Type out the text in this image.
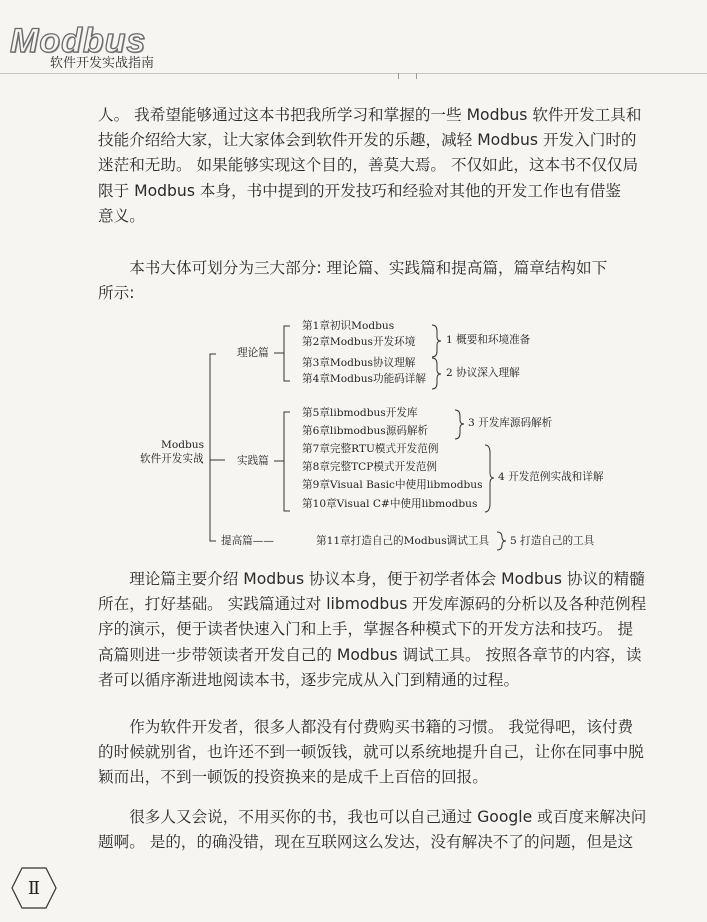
Modbus
软件开发实战指南
人。 我希望能够通过这本书把我所学习和掌握的一些 Modbus 软件开发工具和
技能介绍给大家，让大家体会到软件开发的乐趣，减轻 Modbus 开发入门时的
迷茫和无助。 如果能够实现这个目的，善莫大焉。 不仅如此，这本书不仅仅局
限于 Modbus 本身，书中提到的开发技巧和经验对其他的开发工作也有借鉴
意义。
　　本书大体可划分为三大部分: 理论篇、实践篇和提高篇，篇章结构如下
所示:
Modbus
软件开发实战
理论篇
实践篇
提高篇——
第1章初识Modbus
第2章Modbus开发环境
第3章Modbus协议理解
第4章Modbus功能码详解
第5章libmodbus开发库
第6章libmodbus源码解析
第7章完整RTU模式开发范例
第8章完整TCP模式开发范例
第9章Visual Basic中使用libmodbus
第10章Visual C#中使用libmodbus
第11章打造自己的Modbus调试工具
1 概要和环境准备
2 协议深入理解
3 开发库源码解析
4 开发范例实战和详解
5 打造自己的工具
　　理论篇主要介绍 Modbus 协议本身，便于初学者体会 Modbus 协议的精髓
所在，打好基础。 实践篇通过对 libmodbus 开发库源码的分析以及各种范例程
序的演示，便于读者快速入门和上手，掌握各种模式下的开发方法和技巧。 提
高篇则进一步带领读者开发自己的 Modbus 调试工具。 按照各章节的内容，读
者可以循序渐进地阅读本书，逐步完成从入门到精通的过程。
　　作为软件开发者，很多人都没有付费购买书籍的习惯。 我觉得吧，该付费
的时候就别省，也许还不到一顿饭钱，就可以系统地提升自己，让你在同事中脱
颖而出，不到一顿饭的投资换来的是成千上百倍的回报。
　　很多人又会说，不用买你的书，我也可以自己通过 Google 或百度来解决问
题啊。 是的，的确没错，现在互联网这么发达，没有解决不了的问题，但是这
Ⅱ
